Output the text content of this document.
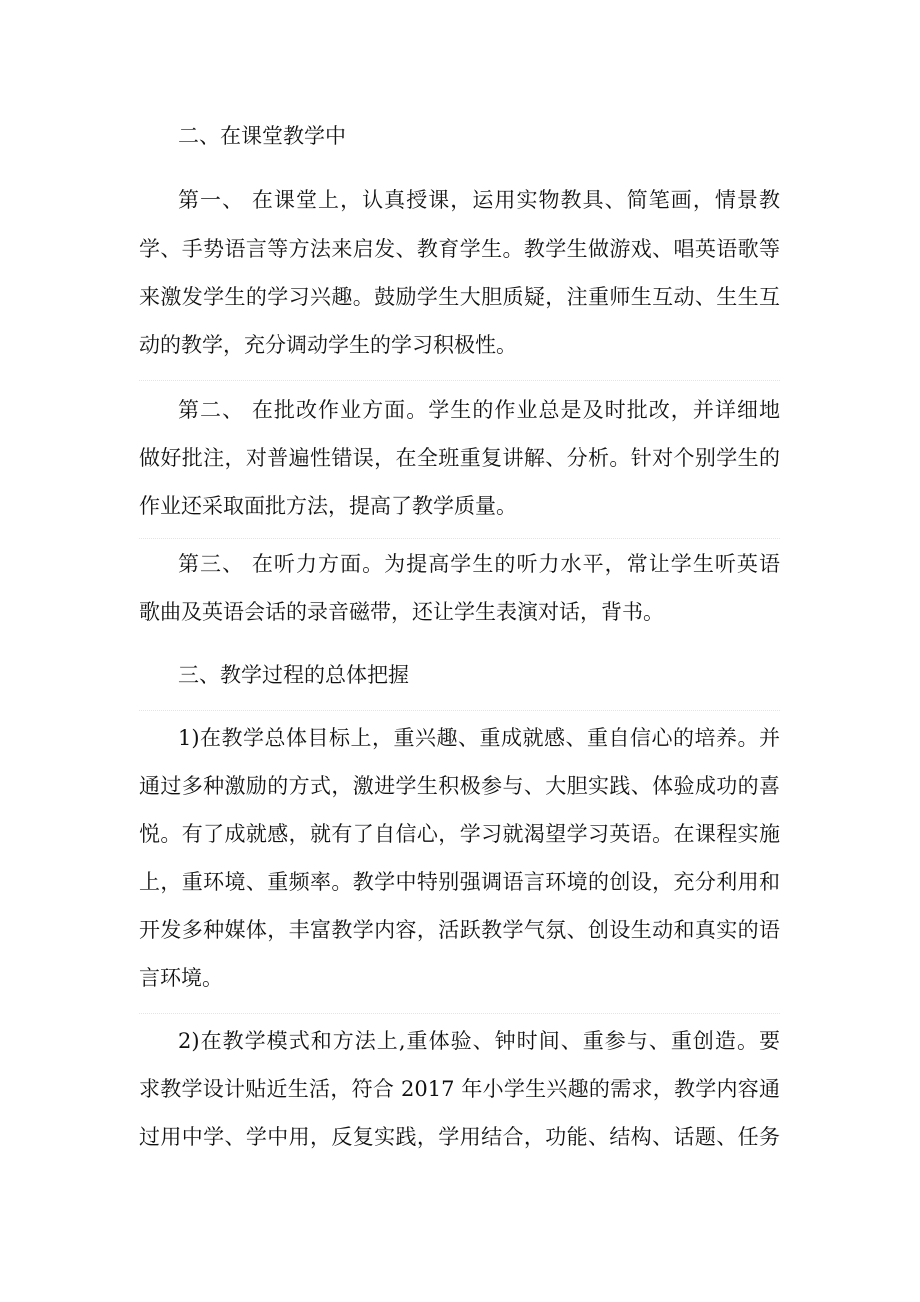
二、在课堂教学中
第一、 在课堂上，认真授课，运用实物教具、简笔画，情景教
学、手势语言等方法来启发、教育学生。教学生做游戏、唱英语歌等
来激发学生的学习兴趣。鼓励学生大胆质疑，注重师生互动、生生互
动的教学，充分调动学生的学习积极性。
第二、 在批改作业方面。学生的作业总是及时批改，并详细地
做好批注，对普遍性错误，在全班重复讲解、分析。针对个别学生的
作业还采取面批方法，提高了教学质量。
第三、 在听力方面。为提高学生的听力水平，常让学生听英语
歌曲及英语会话的录音磁带，还让学生表演对话，背书。
三、教学过程的总体把握
1)在教学总体目标上，重兴趣、重成就感、重自信心的培养。并
通过多种激励的方式，激进学生积极参与、大胆实践、体验成功的喜
悦。有了成就感，就有了自信心，学习就渴望学习英语。在课程实施
上，重环境、重频率。教学中特别强调语言环境的创设，充分利用和
开发多种媒体，丰富教学内容，活跃教学气氛、创设生动和真实的语
言环境。
2)在教学模式和方法上,重体验、钟时间、重参与、重创造。要
求教学设计贴近生活，符合 2017 年小学生兴趣的需求，教学内容通
过用中学、学中用，反复实践，学用结合，功能、结构、话题、任务
